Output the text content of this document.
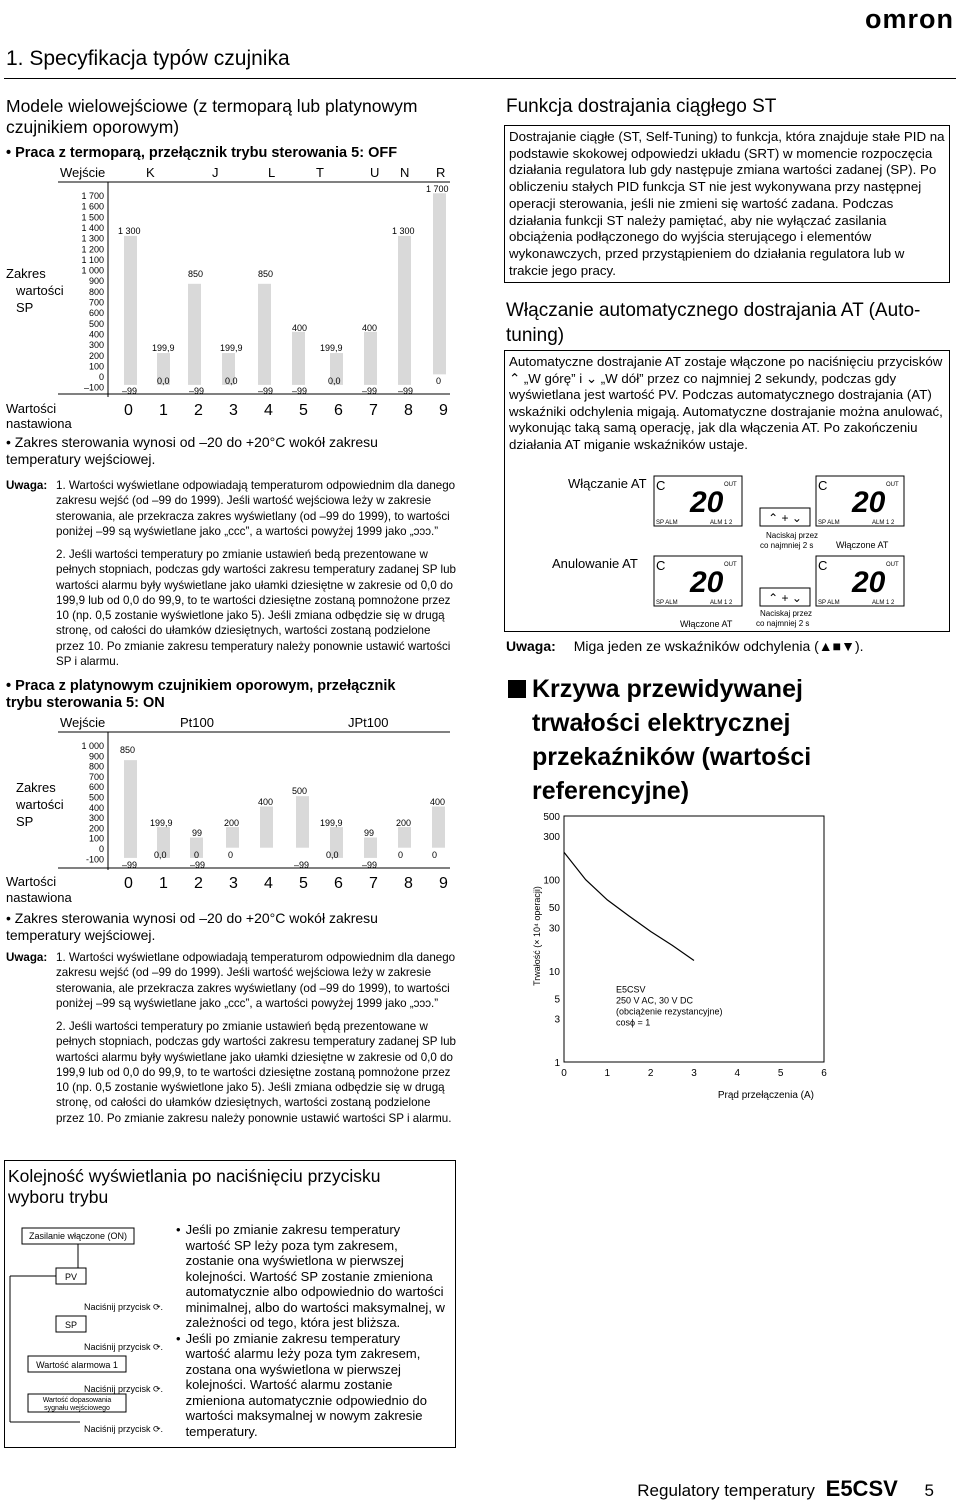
omron
1. Specyfikacja typów czujnika
Modele wielowejściowe (z termoparą lub platynowym czujnikiem oporowym)
• Praca z termoparą, przełącznik trybu sterowania 5: OFF
Wejście	K	J	L	T	U N R
Zakres
wartości
SP
1 700
1 600
1 500
1 400
1 300
1 200
1 100
1 000
900
800
700
600
500
400
300
200
100
0
–100
1 300
850	850
400	400
1 300
1 700
199,9	199,9	199,9
0,0	0,0	0,0	0
–99	–99	–99 –99	–99 –99
Wartości
nastawiona
0 1 2 3 4 5 6 7 8 9
• Zakres sterowania wynosi od –20 do +20°C wokół zakresu temperatury wejściowej.
Uwaga: 1. Wartości wyświetlane odpowiadają temperaturom odpowiednim dla danego zakresu wejść (od –99 do 1999). Jeśli wartość wejściowa leży w zakresie sterowania, ale przekracza zakres wyświetlany (od –99 do 1999), to wartości poniżej –99 są wyświetlane jako „ccc”, a wartości powyżej 1999 jako „ɔɔɔ.”
2. Jeśli wartości temperatury po zmianie ustawień bedą prezentowane w pełnych stopniach, podczas gdy wartości zakresu temperatury zadanej SP lub wartości alarmu były wyświetlane jako ułamki dziesiętne w zakresie od 0,0 do 199,9 lub od 0,0 do 99,9, to te wartości dziesiętne zostaną pomnożone przez 10 (np. 0,5 zostanie wyświetlone jako 5). Jeśli zmiana odbędzie się w drugą stronę, od całości do ułamków dziesiętnych, wartości zostaną podzielone przez 10. Po zmianie zakresu temperatury należy ponownie ustawić wartości SP i alarmu.
• Praca z platynowym czujnikiem oporowym, przełącznik trybu sterowania 5: ON
Wejście	Pt100	JPt100
Zakres
wartości
SP
1 000
900
800
700
600
500
400
300
200
100
0
-100
850
400
500
400
199,9
99
200	199,9
99
200
0,0	0	0	0,0	0	0
–99	–99	–99	–99
Wartości
nastawiona
0 1 2 3 4 5 6 7 8 9
• Zakres sterowania wynosi od –20 do +20°C wokół zakresu temperatury wejściowej.
Uwaga: 1. Wartości wyświetlane odpowiadają temperaturom odpowiednim dla danego zakresu wejść (od –99 do 1999). Jeśli wartość wejściowa leży w zakresie sterowania, ale przekracza zakres wyświetlany (od –99 do 1999), to wartości poniżej –99 są wyświetlane jako „ccc”, a wartości powyżej 1999 jako „ɔɔɔ.”
2. Jeśli wartości temperatury po zmianie ustawień będą prezentowane w pełnych stopniach, podczas gdy wartości zakresu temperatury zadanej SP lub wartości alarmu były wyświetlane jako ułamki dziesiętne w zakresie od 0,0 do 199,9 lub od 0,0 do 99,9, to te wartości dziesiętne zostaną pomnożone przez 10 (np. 0,5 zostanie wyświetlone jako 5). Jeśli zmiana odbędzie się w drugą stronę, od całości do ułamków dziesiętnych, wartości zostaną podzielone przez 10. Po zmianie zakresu należy ponownie ustawić wartości SP i alarmu.
Kolejność wyświetlania po naciśnięciu przycisku wyboru trybu
Zasilanie włączone (ON)
PV
SP
Wartość alarmowa 1
Wartość dopasowania
sygnału wejściowego
Naciśnij przycisk ⟳.
Naciśnij przycisk ⟳.
Naciśnij przycisk ⟳.
Naciśnij przycisk ⟳.
• Jeśli po zmianie zakresu temperatury wartość SP leży poza tym zakresem, zostanie ona wyświetlona w pierwszej kolejności. Wartość SP zostanie zmieniona automatycznie albo odpowiednio do wartości minimalnej, albo do wartości maksymalnej, w zależności od tego, która jest bliższa.
• Jeśli po zmianie zakresu temperatury wartość alarmu leży poza tym zakresem, zostana ona wyświetlona w pierwszej kolejności. Wartość alarmu zostanie zmieniona automatycznie odpowiednio do wartości maksymalnej w nowym zakresie temperatury.
Funkcja dostrajania ciągłego ST
Dostrajanie ciągłe (ST, Self-Tuning) to funkcja, która znajduje stałe PID na podstawie skokowej odpowiedzi układu (SRT) w momencie rozpoczęcia działania regulatora lub gdy następuje zmiana wartości zadanej (SP). Po obliczeniu stałych PID funkcja ST nie jest wykonywana przy następnej operacji sterowania, jeśli nie zmieni się wartość zadana. Podczas działania funkcji ST należy pamiętać, aby nie wyłączać zasilania obciążenia podłączonego do wyjścia sterującego i elementów wykonawczych, przed przystąpieniem do działania regulatora lub w trakcie jego pracy.
Włączanie automatycznego dostrajania AT (Auto-tuning)
Automatyczne dostrajanie AT zostaje włączone po naciśnięciu przycisków ⌃ „W górę” i ⌄ „W dół” przez co najmniej 2 sekundy, podczas gdy wyświetlana jest wartość PV. Podczas automatycznego dostrajania (AT) wskaźniki odchylenia migają. Automatyczne dostrajanie można anulować, wykonując taką samą operację, jak dla włączenia AT. Po zakończeniu działania AT miganie wskaźników ustaje.
Włączanie AT
Anulowanie AT
C	OUT
20
SP ALM	ALM 1 2
C	OUT
20
SP ALM	ALM 1 2
C	OUT
20
SP ALM	ALM 1 2
C	OUT
20
SP ALM	ALM 1 2
⌃ + ⌄
Naciskaj przez
co najmniej 2 s
⌃ + ⌄
Naciskaj przez
co najmniej 2 s
Włączone AT
Włączone AT
Uwaga: Miga jeden ze wskaźników odchylenia (▲■▼).
Krzywa przewidywanej trwałości elektrycznej przekaźników (wartości referencyjne)
500
300
100
50
30
10
5
3
1
0	1	2	3	4	5	6
Prąd przełączenia (A)
Trwałość (× 10⁴ operacji)
E5CSV
250 V AC, 30 V DC
(obciążenie rezystancyjne)
cosϕ = 1
Regulatory temperatury E5CSV 5
